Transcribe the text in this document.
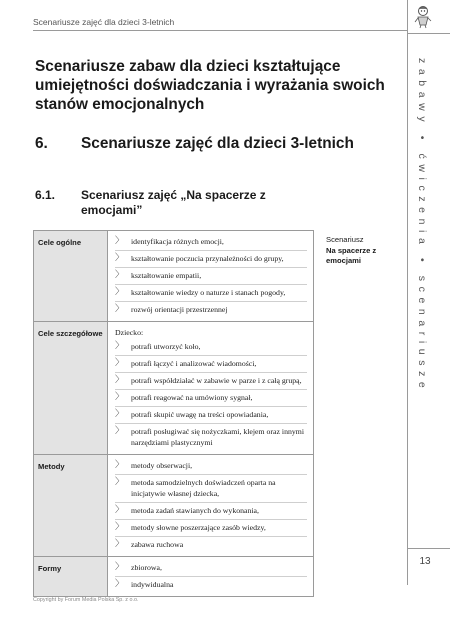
Scenariusze zajęć dla dzieci 3-letnich
Scenariusze zabaw dla dzieci kształtujące umiejętności doświadczania i wyrażania swoich stanów emocjonalnych
6. Scenariusze zajęć dla dzieci 3-letnich
6.1. Scenariusz zajęć „Na spacerze z emocjami”
Cele ogólne	〉 identyfikacja różnych emocji,
〉 kształtowanie poczucia przynależności do grupy,
〉 kształtowanie empatii,
〉 kształtowanie wiedzy o naturze i stanach pogody,
〉 rozwój orientacji przestrzennej
Cele szczegółowe	Dziecko:
〉 potrafi utworzyć koło,
〉 potrafi łączyć i analizować wiadomości,
〉 potrafi współdziałać w zabawie w parze i z całą grupą,
〉 potrafi reagować na umówiony sygnał,
〉 potrafi skupić uwagę na treści opowiadania,
〉 potrafi posługiwać się nożyczkami, klejem oraz innymi narzędziami plastycznymi
Metody	〉 metody obserwacji,
〉 metoda samodzielnych doświadczeń oparta na inicjatywie własnej dziecka,
〉 metoda zadań stawianych do wykonania,
〉 metody słowne poszerzające zasób wiedzy,
〉 zabawa ruchowa
Formy	〉 zbiorowa,
〉 indywidualna
Scenariusz
Na spacerze z emocjami	zabawy • ćwiczenia • scenariusze
13
Copyright by Forum Media Polska Sp. z o.o.
